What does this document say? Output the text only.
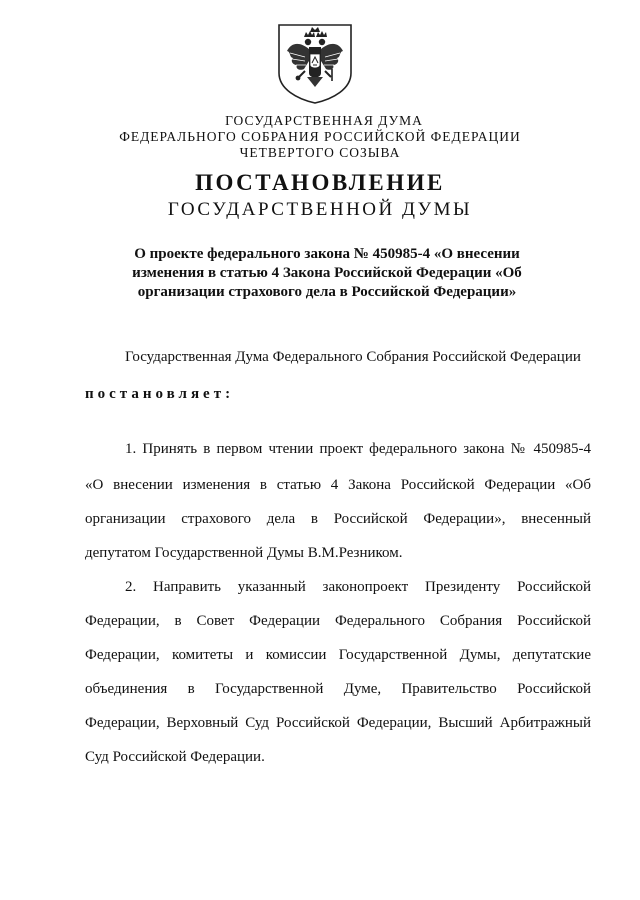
ГОСУДАРСТВЕННАЯ ДУМА
ФЕДЕРАЛЬНОГО СОБРАНИЯ РОССИЙСКОЙ ФЕДЕРАЦИИ
ЧЕТВЕРТОГО СОЗЫВА
ПОСТАНОВЛЕНИЕ
ГОСУДАРСТВЕННОЙ ДУМЫ
О проекте федерального закона № 450985-4 «О внесении
изменения в статью 4 Закона Российской Федерации «Об
организации страхового дела в Российской Федерации»
Государственная Дума Федерального Собрания Российской Федерации
постановляет:
1. Принять в первом чтении проект федерального закона № 450985-4
«О внесении изменения в статью 4 Закона Российской Федерации «Об
организации страхового дела в Российской Федерации», внесенный
депутатом Государственной Думы В.М.Резником.
2. Направить указанный законопроект Президенту Российской
Федерации, в Совет Федерации Федерального Собрания Российской
Федерации, комитеты и комиссии Государственной Думы, депутатские
объединения в Государственной Думе, Правительство Российской
Федерации, Верховный Суд Российской Федерации, Высший Арбитражный
Суд Российской Федерации.
